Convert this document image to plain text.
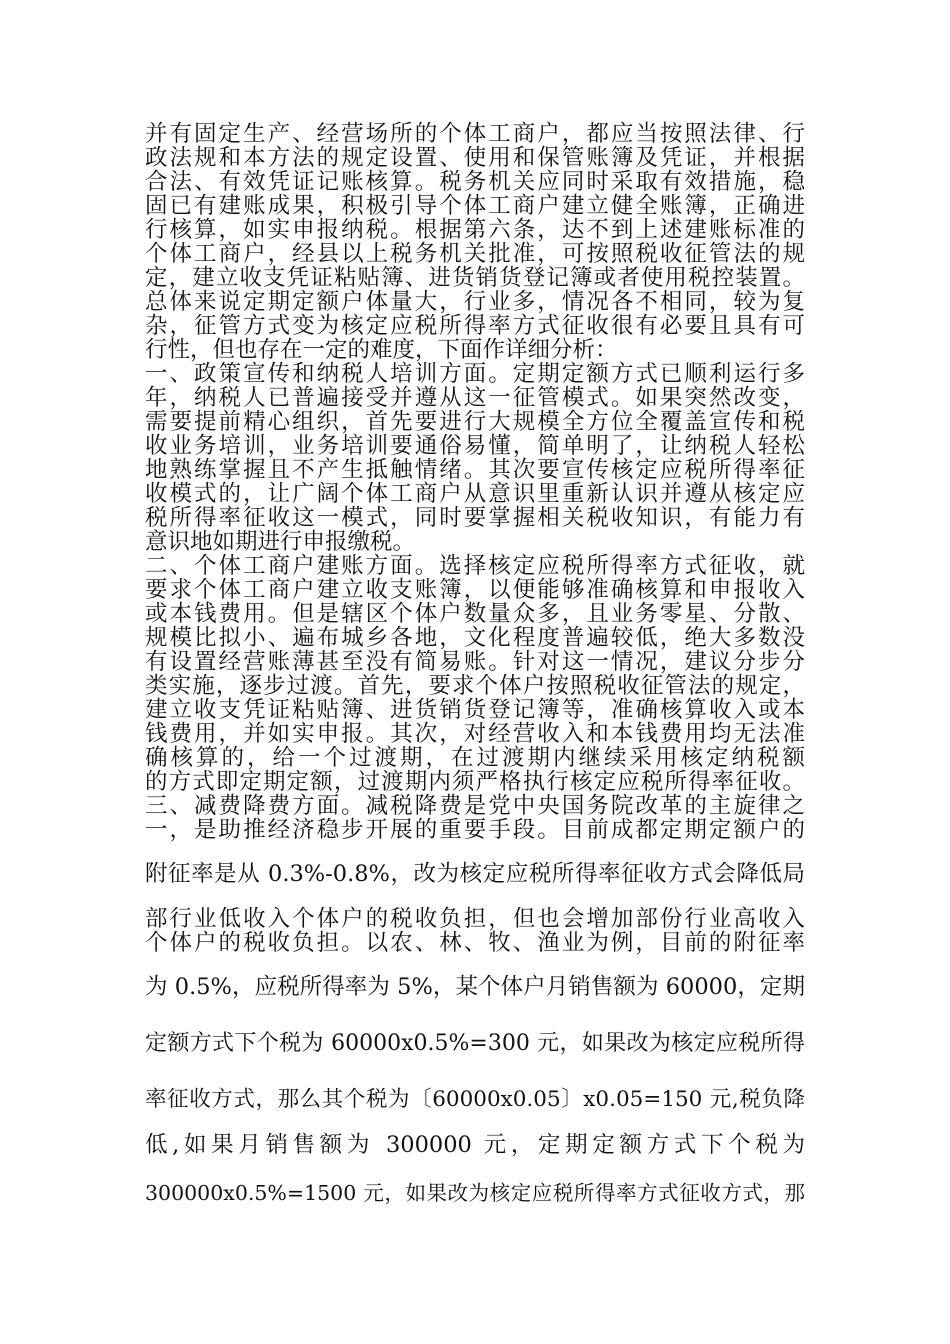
并有固定生产、经营场所的个体工商户，都应当按照法律、行
政法规和本方法的规定设置、使用和保管账簿及凭证，并根据
合法、有效凭证记账核算。税务机关应同时采取有效措施，稳
固已有建账成果，积极引导个体工商户建立健全账簿，正确进
行核算，如实申报纳税。根据第六条，达不到上述建账标准的
个体工商户，经县以上税务机关批准，可按照税收征管法的规
定，建立收支凭证粘贴簿、进货销货登记簿或者使用税控装置。
总体来说定期定额户体量大，行业多，情况各不相同，较为复
杂，征管方式变为核定应税所得率方式征收很有必要且具有可
行性，但也存在一定的难度，下面作详细分析：
一、政策宣传和纳税人培训方面。定期定额方式已顺利运行多
年，纳税人已普遍接受并遵从这一征管模式。如果突然改变，
需要提前精心组织，首先要进行大规模全方位全覆盖宣传和税
收业务培训，业务培训要通俗易懂，简单明了，让纳税人轻松
地熟练掌握且不产生抵触情绪。其次要宣传核定应税所得率征
收模式的，让广阔个体工商户从意识里重新认识并遵从核定应
税所得率征收这一模式，同时要掌握相关税收知识，有能力有
意识地如期进行申报缴税。
二、个体工商户建账方面。选择核定应税所得率方式征收，就
要求个体工商户建立收支账簿，以便能够准确核算和申报收入
或本钱费用。但是辖区个体户数量众多，且业务零星、分散、
规模比拟小、遍布城乡各地，文化程度普遍较低，绝大多数没
有设置经营账薄甚至没有简易账。针对这一情况，建议分步分
类实施，逐步过渡。首先，要求个体户按照税收征管法的规定，
建立收支凭证粘贴簿、进货销货登记簿等，准确核算收入或本
钱费用，并如实申报。其次，对经营收入和本钱费用均无法准
确核算的，给一个过渡期，在过渡期内继续采用核定纳税额
的方式即定期定额，过渡期内须严格执行核定应税所得率征收。
三、减费降费方面。减税降费是党中央国务院改革的主旋律之
一，是助推经济稳步开展的重要手段。目前成都定期定额户的
附征率是从 0.3%-0.8%，改为核定应税所得率征收方式会降低局
部行业低收入个体户的税收负担，但也会增加部份行业高收入
个体户的税收负担。以农、林、牧、渔业为例，目前的附征率
为 0.5%，应税所得率为 5%，某个体户月销售额为 60000，定期
定额方式下个税为 60000x0.5%=300 元，如果改为核定应税所得
率征收方式，那么其个税为〔60000x0.05〕x0.05=150 元,税负降
低,如果月销售额为 300000 元，定期定额方式下个税为
300000x0.5%=1500 元，如果改为核定应税所得率方式征收方式，那
